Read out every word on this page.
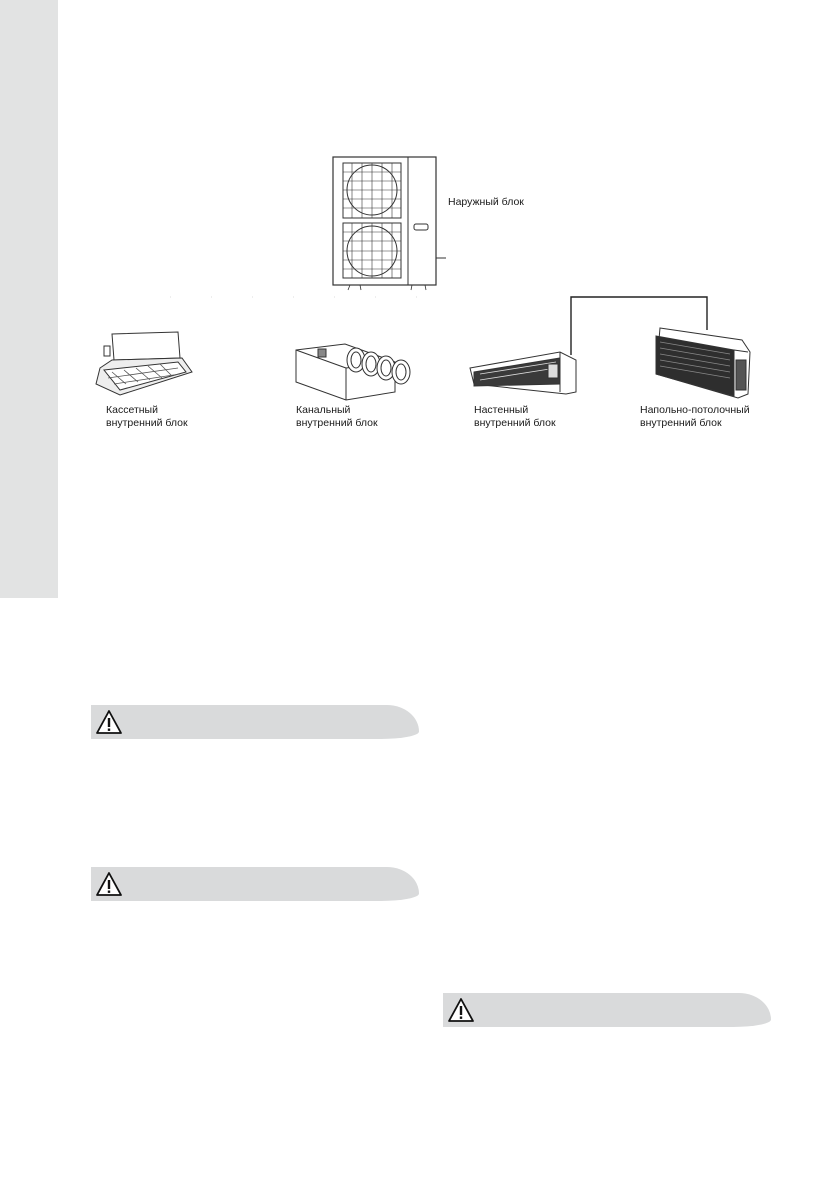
Наружный блок
Кассетный
внутренний блок
Канальный
внутренний блок
Настенный
внутренний блок
Напольно-потолочный
внутренний блок
